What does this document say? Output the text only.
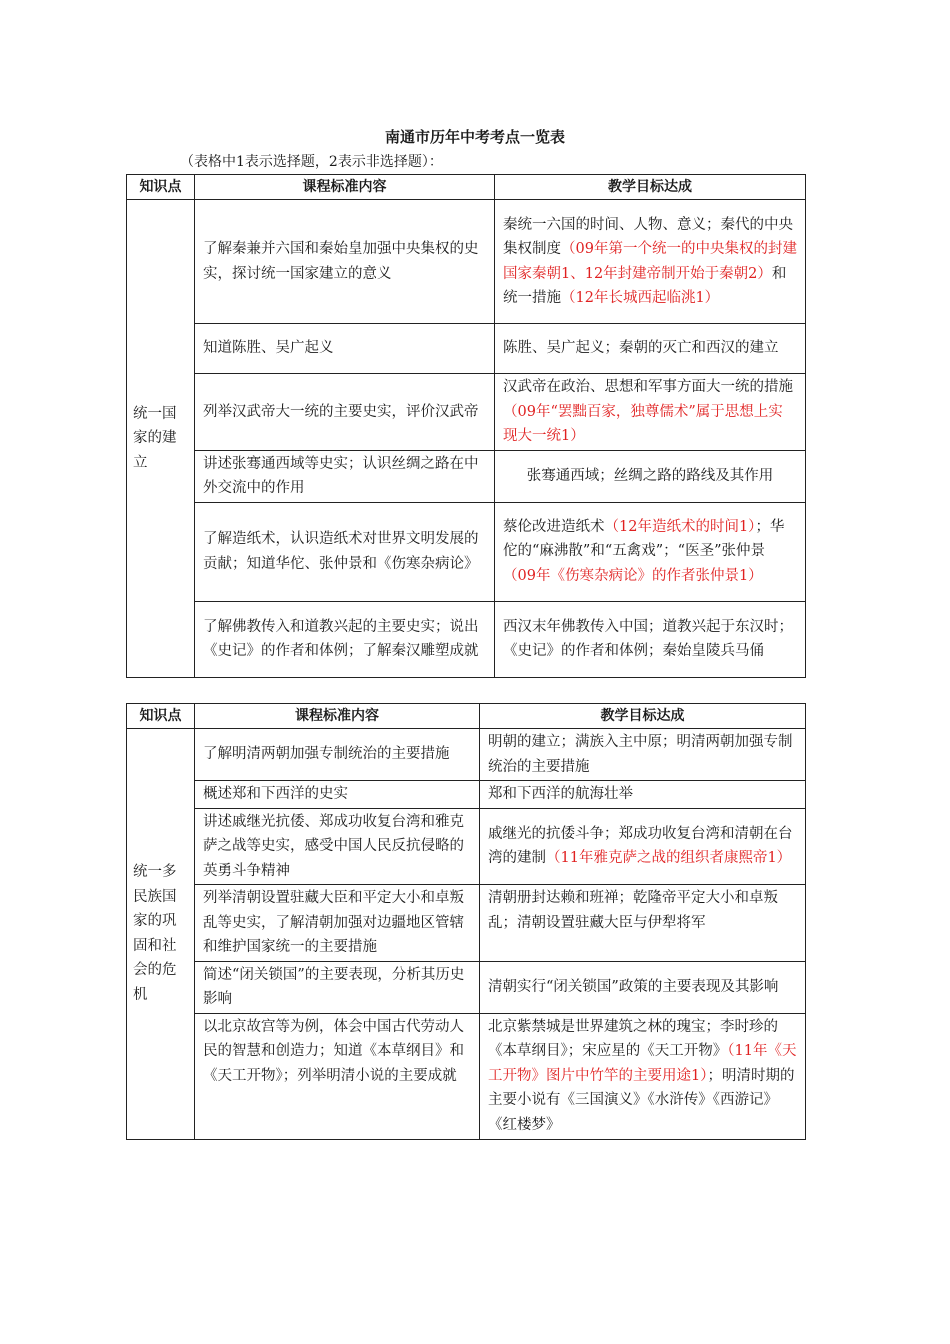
南通市历年中考考点一览表
（表格中1表示选择题，2表示非选择题）：
知识点	课程标准内容	教学目标达成
统一国家的建立	了解秦兼并六国和秦始皇加强中央集权的史实，探讨统一国家建立的意义	秦统一六国的时间、人物、意义；秦代的中央集权制度（09年第一个统一的中央集权的封建国家秦朝1、12年封建帝制开始于秦朝2）和统一措施（12年长城西起临洮1）
	知道陈胜、吴广起义	陈胜、吴广起义；秦朝的灭亡和西汉的建立
	列举汉武帝大一统的主要史实，评价汉武帝	汉武帝在政治、思想和军事方面大一统的措施（09年“罢黜百家，独尊儒术”属于思想上实现大一统1）
	讲述张骞通西域等史实；认识丝绸之路在中外交流中的作用	张骞通西域；丝绸之路的路线及其作用
	了解造纸术，认识造纸术对世界文明发展的贡献；知道华佗、张仲景和《伤寒杂病论》	蔡伦改进造纸术（12年造纸术的时间1）；华佗的“麻沸散”和“五禽戏”；“医圣”张仲景（09年《伤寒杂病论》的作者张仲景1）
	了解佛教传入和道教兴起的主要史实；说出《史记》的作者和体例；了解秦汉雕塑成就	西汉末年佛教传入中国；道教兴起于东汉时；《史记》的作者和体例；秦始皇陵兵马俑
知识点	课程标准内容	教学目标达成
统一多民族国家的巩固和社会的危机	了解明清两朝加强专制统治的主要措施	明朝的建立；满族入主中原；明清两朝加强专制统治的主要措施
	概述郑和下西洋的史实	郑和下西洋的航海壮举
	讲述戚继光抗倭、郑成功收复台湾和雅克萨之战等史实，感受中国人民反抗侵略的英勇斗争精神	戚继光的抗倭斗争；郑成功收复台湾和清朝在台湾的建制（11年雅克萨之战的组织者康熙帝1）
	列举清朝设置驻藏大臣和平定大小和卓叛乱等史实，了解清朝加强对边疆地区管辖和维护国家统一的主要措施	清朝册封达赖和班禅；乾隆帝平定大小和卓叛乱；清朝设置驻藏大臣与伊犁将军
	简述“闭关锁国”的主要表现，分析其历史影响	清朝实行“闭关锁国”政策的主要表现及其影响
	以北京故宫等为例，体会中国古代劳动人民的智慧和创造力；知道《本草纲目》和《天工开物》；列举明清小说的主要成就	北京紫禁城是世界建筑之林的瑰宝；李时珍的《本草纲目》；宋应星的《天工开物》（11年《天工开物》图片中竹竿的主要用途1）；明清时期的主要小说有《三国演义》《水浒传》《西游记》《红楼梦》
